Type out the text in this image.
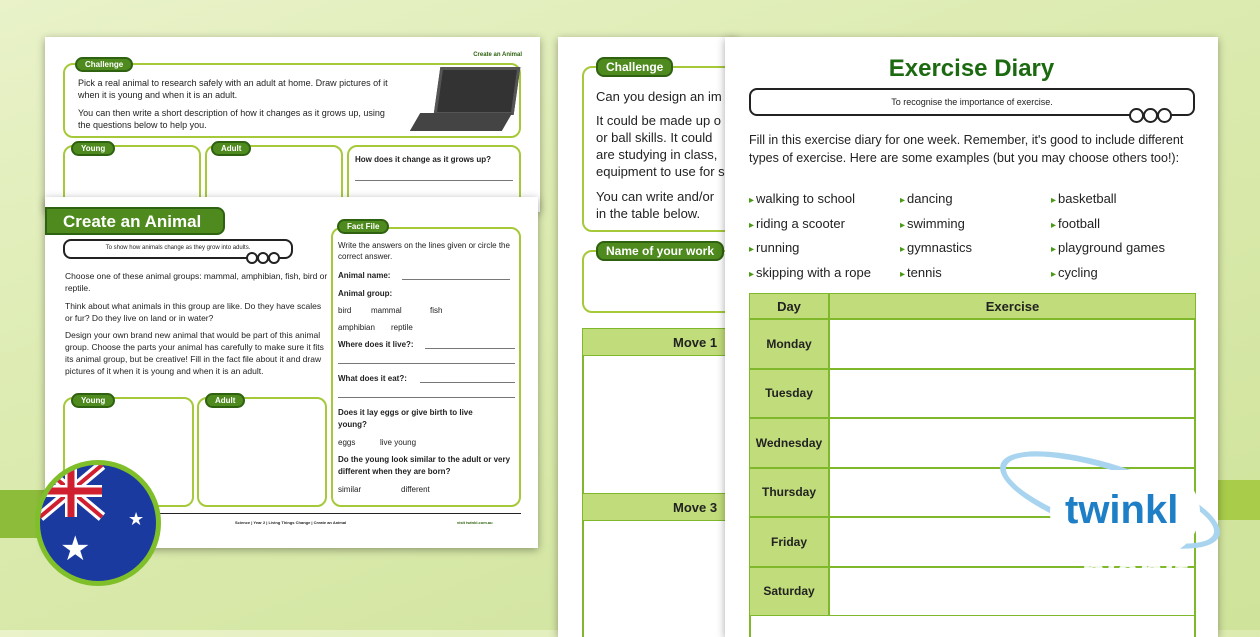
Create an Animal
Challenge
Pick a real animal to research safely with an adult at home. Draw pictures of it when it is young and when it is an adult.
You can then write a short description of how it changes as it grows up, using the questions below to help you.
Young	Adult
How does it change as it grows up?
Create an Animal
To show how animals change as they grow into adults.
Choose one of these animal groups: mammal, amphibian, fish, bird or reptile.
Think about what animals in this group are like. Do they have scales or fur? Do they live on land or in water?
Design your own brand new animal that would be part of this animal group. Choose the parts your animal has carefully to make sure it fits its animal group, but be creative! Fill in the fact file about it and draw pictures of it when it is young and when it is an adult.
Young	Adult
Fact File
Write the answers on the lines given or circle the correct answer.
Animal name:
Animal group:
bird mammal	fish
amphibian reptile
Where does it live?:
What does it eat?:
Does it lay eggs or give birth to live young?
eggs	live young
Do the young look similar to the adult or very different when they are born?
similar	different
Science | Year 2 | Living Things Change | Create an Animal	visit twinkl.com.au
★
★
Challenge
Can you design an im
It could be made up o
or ball skills. It could
are studying in class,
equipment to use for s
You can write and/or
in the table below.
Name of your work
Move 1
Move 3
Exercise Diary
To recognise the importance of exercise.
Fill in this exercise diary for one week. Remember, it's good to include different types of exercise. Here are some examples (but you may choose others too!):
▸ walking to school
▸ riding a scooter
▸ running
▸ skipping with a rope
▸ dancing
▸ swimming
▸ gymnastics
▸ tennis
▸ basketball
▸ football
▸ playground games
▸ cycling
Day	Exercise
Monday
Tuesday
Wednesday
Thursday
Friday
Saturday
twinkl
planit
